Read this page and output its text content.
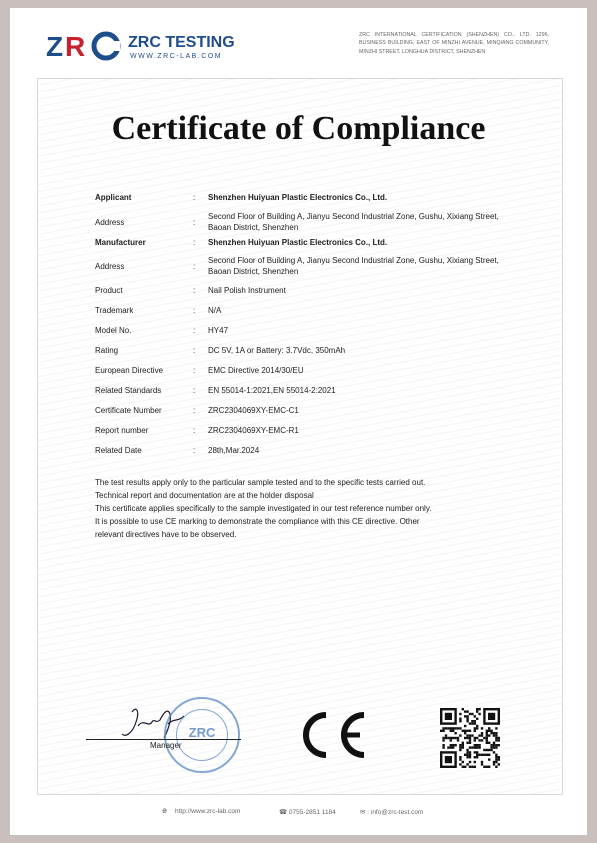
Z R	ZRC TESTING
WWW.ZRC-LAB.COM
ZRC INTERNATIONAL CERTIFICATION (SHENZHEN) CO., LTD. 1296, BUSINESS BUILDING, EAST OF MINZHI AVENUE, MINQIANG COMMUNITY, MINZHI STREET, LONGHUA DISTRICT, SHENZHEN
Certificate of Compliance
Applicant	: Shenzhen Huiyuan Plastic Electronics Co., Ltd.
Address	:
Second Floor of Building A, Jianyu Second Industrial Zone, Gushu, Xixiang Street, Baoan District, Shenzhen
Manufacturer	: Shenzhen Huiyuan Plastic Electronics Co., Ltd.
Address	:
Second Floor of Building A, Jianyu Second Industrial Zone, Gushu, Xixiang Street, Baoan District, Shenzhen
Product	: Nail Polish Instrument
Trademark	: N/A
Model No.	: HY47
Rating	: DC 5V, 1A or Battery: 3.7Vdc, 350mAh
European Directive	: EMC Directive 2014/30/EU
Related Standards	: EN 55014-1:2021,EN 55014-2:2021
Certificate Number	: ZRC2304069XY-EMC-C1
Report number	: ZRC2304069XY-EMC-R1
Related Date	: 28th,Mar.2024
The test results apply only to the particular sample tested and to the specific tests carried out.
Technical report and documentation are at the holder disposal
This certificate applies specifically to the sample investigated in our test reference number only.
It is possible to use CE marking to demonstrate the compliance with this CE directive. Other
relevant directives have to be observed.
ZRC
Manager
🌐︎ http://www.zrc-lab.com	☎ 0755-2851 1184	✉ : info@zrc-test.com
